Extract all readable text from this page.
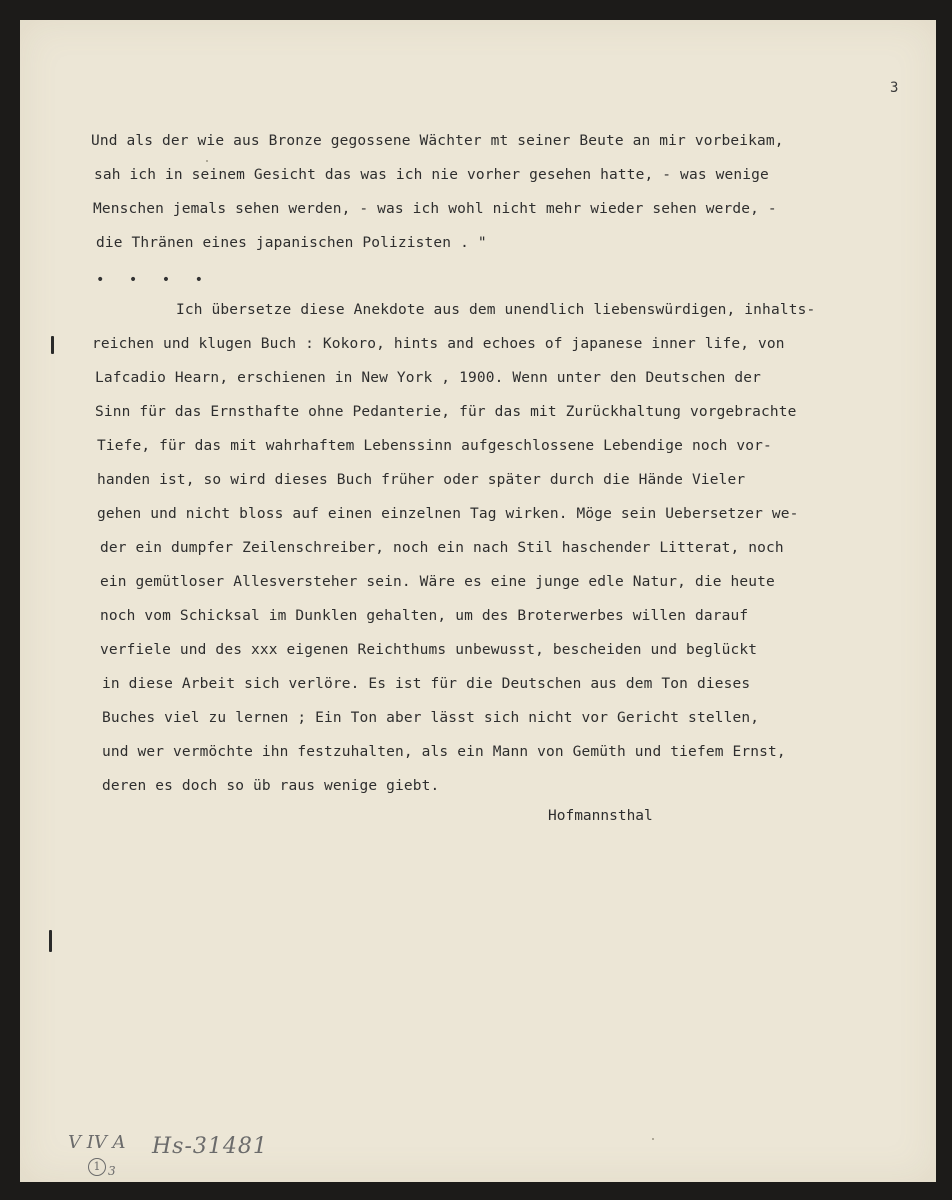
3
Und als der wie aus Bronze gegossene Wächter mt seiner Beute an mir vorbeikam,
sah ich in seinem Gesicht das was ich nie vorher gesehen hatte, - was wenige
Menschen jemals sehen werden, - was ich wohl nicht mehr wieder sehen werde, -
die Thränen eines japanischen Polizisten . "
• • • •
Ich übersetze diese Anekdote aus dem unendlich liebenswürdigen, inhalts-
reichen und klugen Buch : Kokoro, hints and echoes of japanese inner life, von
Lafcadio Hearn, erschienen in New York , 1900. Wenn unter den Deutschen der
Sinn für das Ernsthafte ohne Pedanterie, für das mit Zurückhaltung vorgebrachte
Tiefe, für das mit wahrhaftem Lebenssinn aufgeschlossene Lebendige noch vor-
handen ist, so wird dieses Buch früher oder später durch die Hände Vieler
gehen und nicht bloss auf einen einzelnen Tag wirken. Möge sein Uebersetzer we-
der ein dumpfer Zeilenschreiber, noch ein nach Stil haschender Litterat, noch
ein gemütloser Allesversteher sein. Wäre es eine junge edle Natur, die heute
noch vom Schicksal im Dunklen gehalten, um des Broterwerbes willen darauf
verfiele und des xxx eigenen Reichthums unbewusst, bescheiden und beglückt
in diese Arbeit sich verlöre. Es ist für die Deutschen aus dem Ton dieses
Buches viel zu lernen ; Ein Ton aber lässt sich nicht vor Gericht stellen,
und wer vermöchte ihn festzuhalten, als ein Mann von Gemüth und tiefem Ernst,
deren es doch so üb raus wenige giebt.
Hofmannsthal
V IV A
1 3
Hs-31481
